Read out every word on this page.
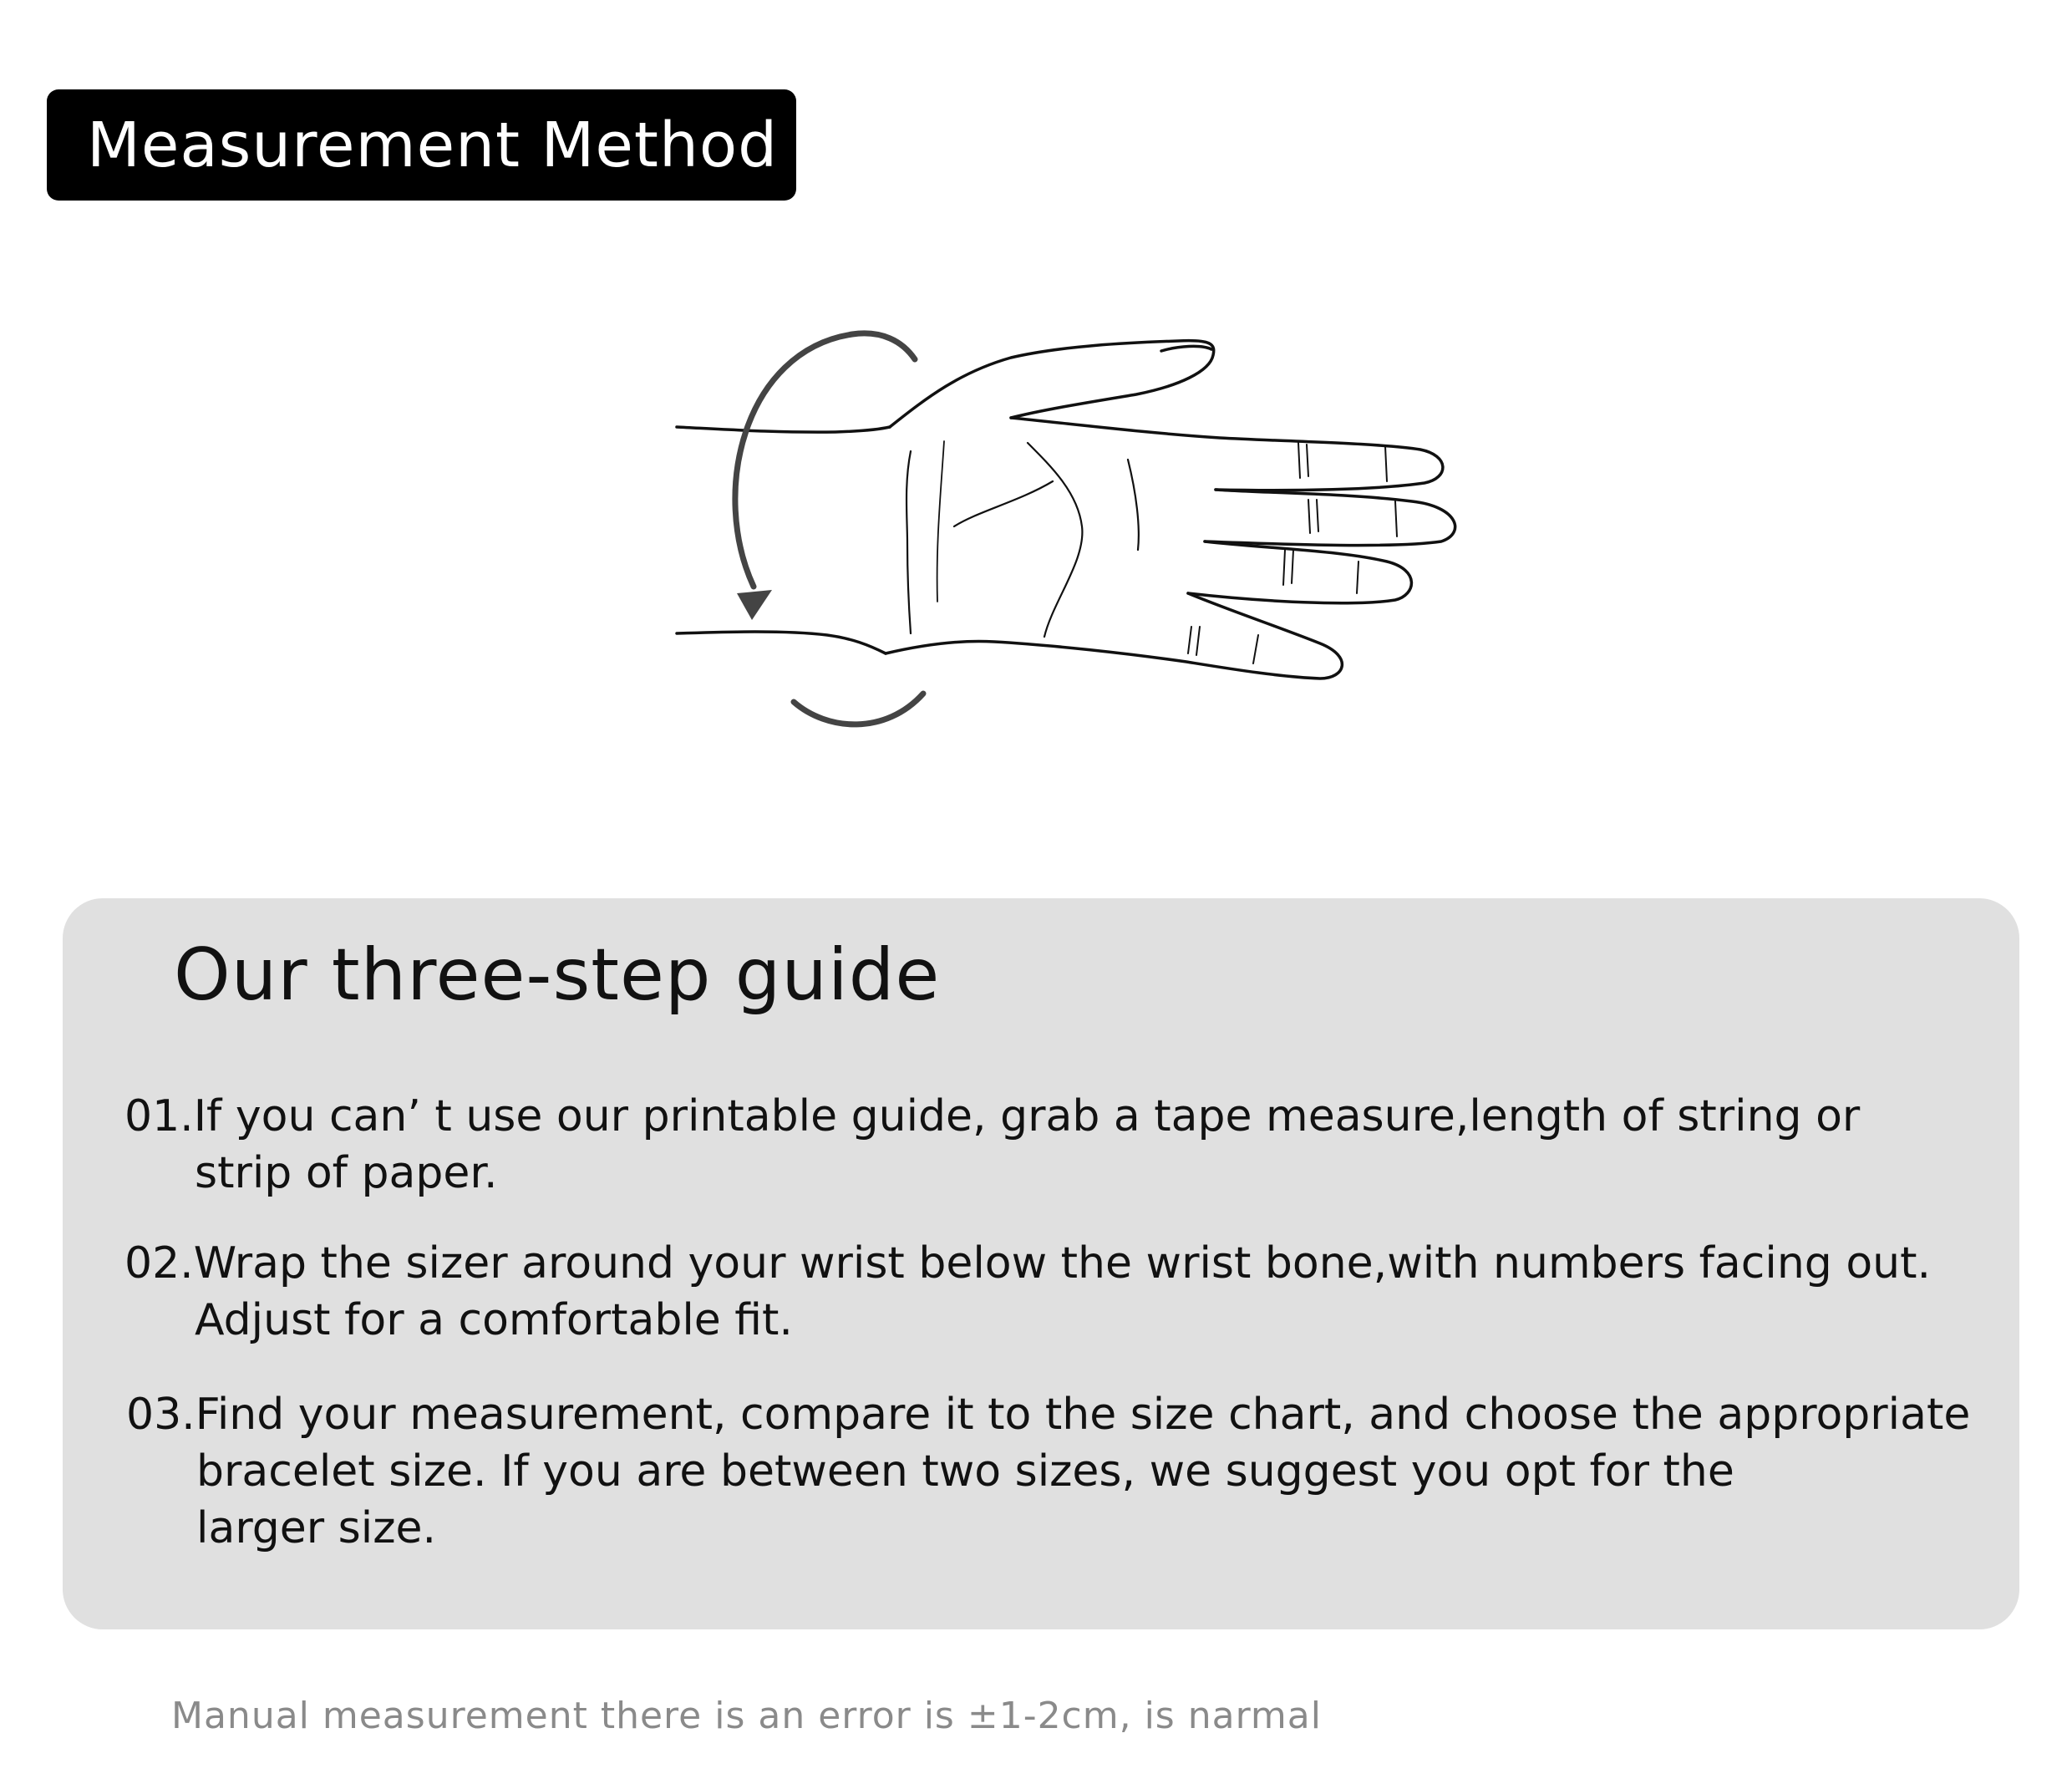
Measurement Method
Our three-step guide
01.If you can’ t use our printable guide, grab a tape measure,length of string or
strip of paper.
02.Wrap the sizer around your wrist below the wrist bone,with numbers facing out.
Adjust for a comfortable fit.
03.Find your measurement, compare it to the size chart, and choose the appropriate
bracelet size. If you are between two sizes, we suggest you opt for the
larger size.
Manual measurement there is an error is ±1-2cm, is narmal
